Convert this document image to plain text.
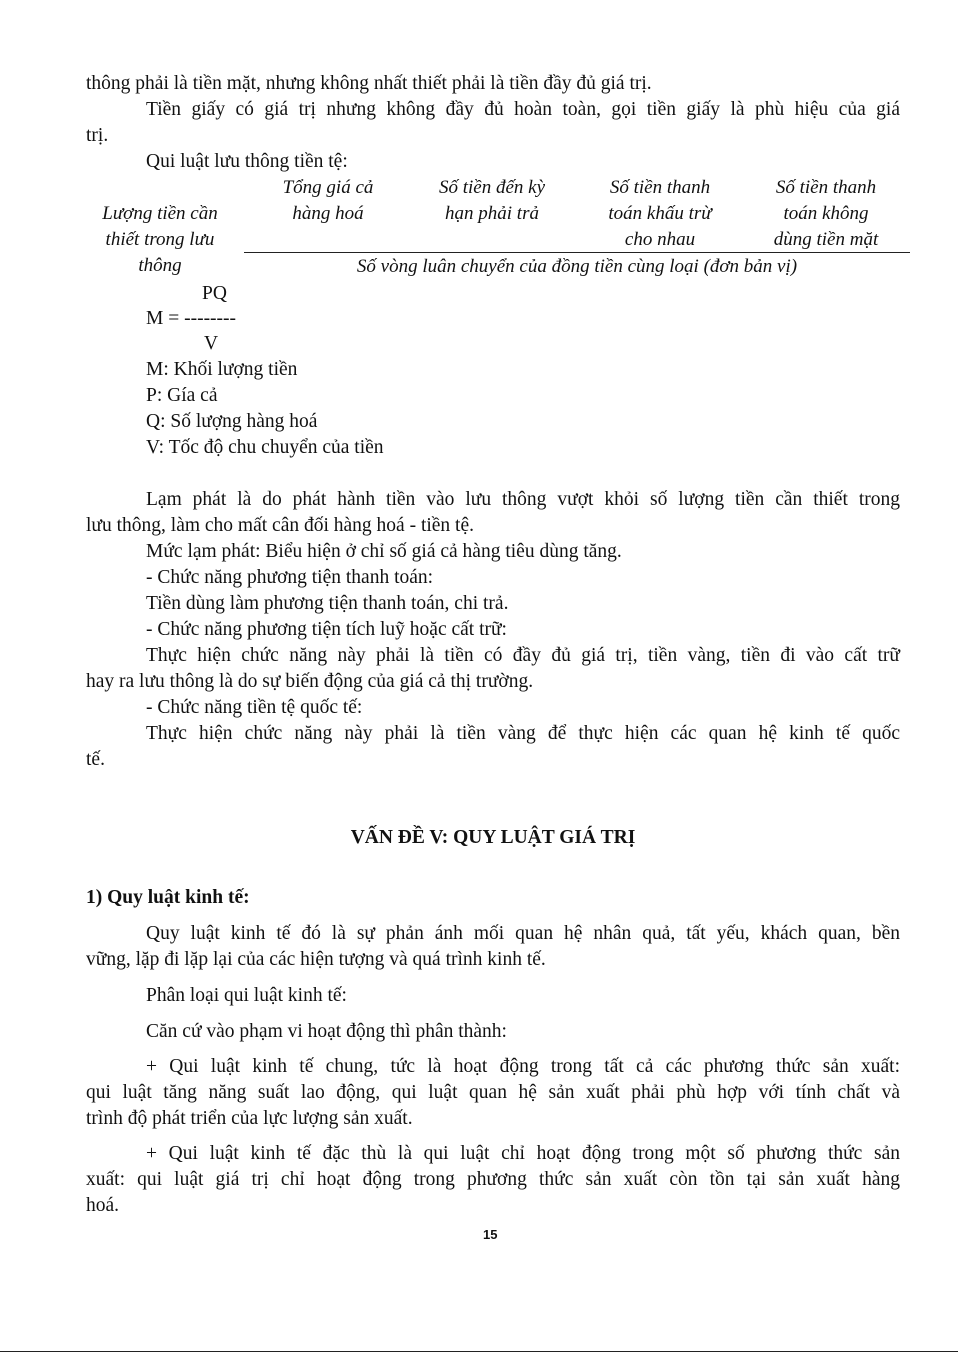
thông phải là tiền mặt, nhưng không nhất thiết phải là tiền đầy đủ giá trị.
Tiền giấy có giá trị nhưng không đầy đủ hoàn toàn, gọi tiền giấy là phù hiệu của giá
trị.
Qui luật lưu thông tiền tệ:
Lượng tiền cần
thiết trong lưu
thông
Tổng giá cả
hàng hoá
Số tiền đến kỳ
hạn phải trả
Số tiền thanh
toán khấu trừ
cho nhau
Số tiền thanh
toán không
dùng tiền mặt
Số vòng luân chuyển của đồng tiền cùng loại (đơn bản vị)
PQ
M = --------
V
M: Khối lượng tiền
P: Gía cả
Q: Số lượng hàng hoá
V: Tốc độ chu chuyển của tiền
Lạm phát là do phát hành tiền vào lưu thông vượt khỏi số lượng tiền cần thiết trong
lưu thông, làm cho mất cân đối hàng hoá - tiền tệ.
Mức lạm phát: Biểu hiện ở chỉ số giá cả hàng tiêu dùng tăng.
- Chức năng phương tiện thanh toán:
Tiền dùng làm phương tiện thanh toán, chi trả.
- Chức năng phương tiện tích luỹ hoặc cất trữ:
Thực hiện chức năng này phải là tiền có đầy đủ giá trị, tiền vàng, tiền đi vào cất trữ
hay ra lưu thông là do sự biến động của giá cả thị trường.
- Chức năng tiền tệ quốc tế:
Thực hiện chức năng này phải là tiền vàng để thực hiện các quan hệ kinh tế quốc
tế.
VẤN ĐỀ V: QUY LUẬT GIÁ TRỊ
1) Quy luật kinh tế:
Quy luật kinh tế đó là sự phản ánh mối quan hệ nhân quả, tất yếu, khách quan, bền
vững, lặp đi lặp lại của các hiện tượng và quá trình kinh tế.
Phân loại qui luật kinh tế:
Căn cứ vào phạm vi hoạt động thì phân thành:
+ Qui luật kinh tế chung, tức là hoạt động trong tất cả các phương thức sản xuất:
qui luật tăng năng suất lao động, qui luật quan hệ sản xuất phải phù hợp với tính chất và
trình độ phát triển của lực lượng sản xuất.
+ Qui luật kinh tế đặc thù là qui luật chỉ hoạt động trong một số phương thức sản
xuất: qui luật giá trị chỉ hoạt động trong phương thức sản xuất còn tồn tại sản xuất hàng
hoá.
15
